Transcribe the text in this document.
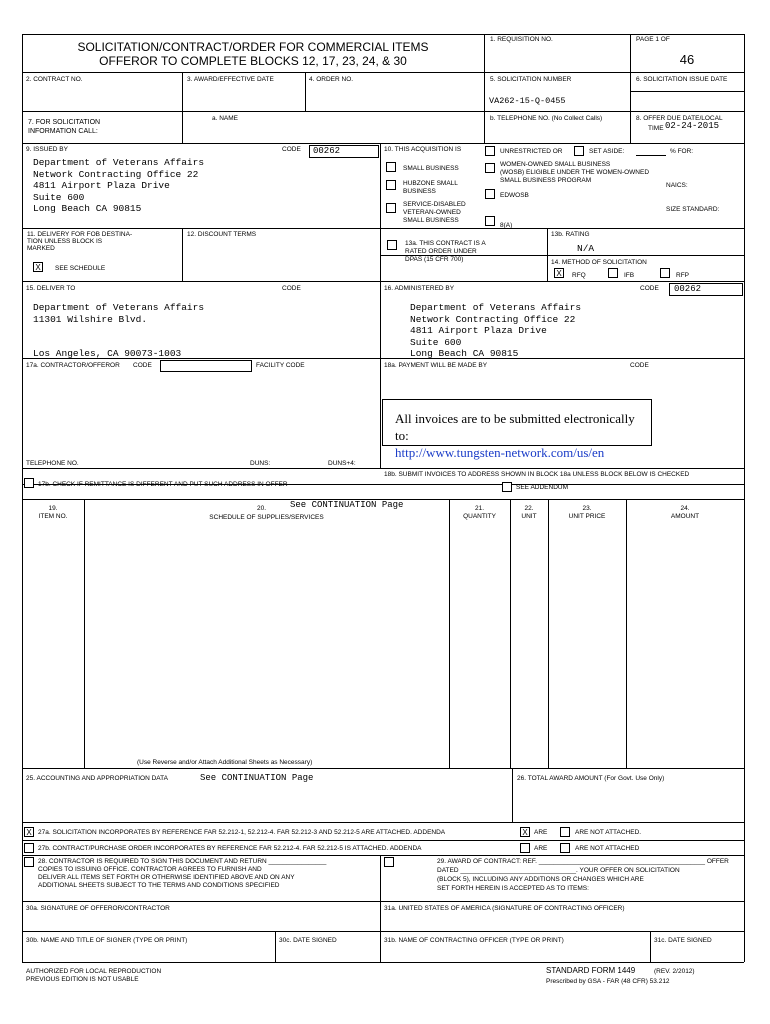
SOLICITATION/CONTRACT/ORDER FOR COMMERCIAL ITEMS
OFFEROR TO COMPLETE BLOCKS 12, 17, 23, 24, & 30
1. REQUISITION NO.	PAGE 1 OF
46
2. CONTRACT NO.	3. AWARD/EFFECTIVE DATE	4. ORDER NO.	5. SOLICITATION NUMBER
VA262-15-Q-0455
6. SOLICITATION ISSUE DATE
7. FOR SOLICITATION
INFORMATION CALL:
a. NAME	b. TELEPHONE NO. (No Collect Calls)	8. OFFER DUE DATE/LOCAL
TIME 02-24-2015
9. ISSUED BY	CODE 00262
Department of Veterans Affairs
Network Contracting Office 22
4811 Airport Plaza Drive
Suite 600
Long Beach CA 90815
10. THIS ACQUISITION IS	UNRESTRICTED OR	SET ASIDE:	% FOR:
SMALL BUSINESS
HUBZONE SMALL
BUSINESS
SERVICE-DISABLED
VETERAN-OWNED
SMALL BUSINESS
WOMEN-OWNED SMALL BUSINESS
(WOSB) ELIGIBLE UNDER THE WOMEN-OWNED
SMALL BUSINESS PROGRAM
EDWOSB
8(A)
NAICS:
SIZE STANDARD:
11. DELIVERY FOR FOB DESTINA-
TION UNLESS BLOCK IS
MARKED
X	SEE SCHEDULE
12. DISCOUNT TERMS
13a. THIS CONTRACT IS A
RATED ORDER UNDER
DPAS (15 CFR 700)
13b. RATING
N/A
14. METHOD OF SOLICITATION
X	RFQ	IFB	RFP
15. DELIVER TO	CODE
Department of Veterans Affairs
11301 Wilshire Blvd.

Los Angeles, CA 90073-1003
16. ADMINISTERED BY	CODE 00262
Department of Veterans Affairs
Network Contracting Office 22
4811 Airport Plaza Drive
Suite 600
Long Beach CA 90815
17a. CONTRACTOR/OFFEROR CODE	FACILITY CODE
TELEPHONE NO.	DUNS:	DUNS+4:
17b. CHECK IF REMITTANCE IS DIFFERENT AND PUT SUCH ADDRESS IN OFFER
18a. PAYMENT WILL BE MADE BY	CODE
All invoices are to be submitted electronically to:
http://www.tungsten-network.com/us/en
18b. SUBMIT INVOICES TO ADDRESS SHOWN IN BLOCK 18a UNLESS BLOCK BELOW IS CHECKED
SEE ADDENDUM
19.
ITEM NO.
20.	See CONTINUATION Page
SCHEDULE OF SUPPLIES/SERVICES
21.
QUANTITY
22.
UNIT
23.
UNIT PRICE
24.
AMOUNT
(Use Reverse and/or Attach Additional Sheets as Necessary)
25. ACCOUNTING AND APPROPRIATION DATA	See CONTINUATION Page	26. TOTAL AWARD AMOUNT (For Govt. Use Only)
X 27a. SOLICITATION INCORPORATES BY REFERENCE FAR 52.212-1, 52.212-4. FAR 52.212-3 AND 52.212-5 ARE ATTACHED. ADDENDA	X ARE	ARE NOT ATTACHED.
27b. CONTRACT/PURCHASE ORDER INCORPORATES BY REFERENCE FAR 52.212-4. FAR 52.212-5 IS ATTACHED. ADDENDA	ARE	ARE NOT ATTACHED
28. CONTRACTOR IS REQUIRED TO SIGN THIS DOCUMENT AND RETURN ________________
COPIES TO ISSUING OFFICE. CONTRACTOR AGREES TO FURNISH AND
DELIVER ALL ITEMS SET FORTH OR OTHERWISE IDENTIFIED ABOVE AND ON ANY
ADDITIONAL SHEETS SUBJECT TO THE TERMS AND CONDITIONS SPECIFIED
29. AWARD OF CONTRACT: REF. ______________________________________________ OFFER
DATED ________________________________. YOUR OFFER ON SOLICITATION
(BLOCK 5), INCLUDING ANY ADDITIONS OR CHANGES WHICH ARE
SET FORTH HEREIN IS ACCEPTED AS TO ITEMS:
30a. SIGNATURE OF OFFEROR/CONTRACTOR	31a. UNITED STATES OF AMERICA (SIGNATURE OF CONTRACTING OFFICER)
30b. NAME AND TITLE OF SIGNER (TYPE OR PRINT)	30c. DATE SIGNED	31b. NAME OF CONTRACTING OFFICER (TYPE OR PRINT)	31c. DATE SIGNED
AUTHORIZED FOR LOCAL REPRODUCTION
PREVIOUS EDITION IS NOT USABLE
STANDARD FORM 1449	(REV. 2/2012)
Prescribed by GSA - FAR (48 CFR) 53.212
